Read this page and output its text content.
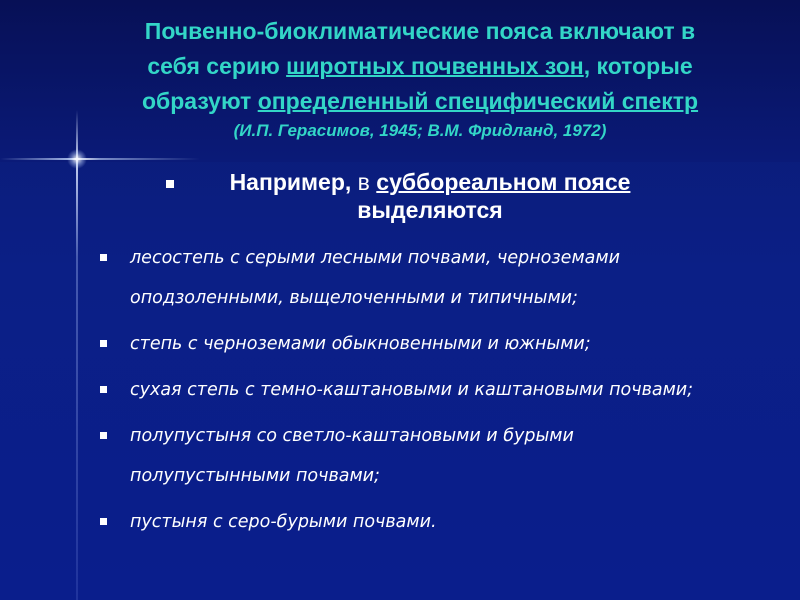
Почвенно-биоклиматические пояса включают в
себя серию широтных почвенных зон, которые
образуют определенный специфический спектр
(И.П. Герасимов, 1945; В.М. Фридланд, 1972)
Например, в суббореальном поясе
выделяются
лесостепь с серыми лесными почвами, черноземами оподзоленными, выщелоченными и типичными;
степь с черноземами обыкновенными и южными;
сухая степь с темно-каштановыми и каштановыми почвами;
полупустыня со светло-каштановыми и бурыми полупустынными почвами;
пустыня с серо-бурыми почвами.
